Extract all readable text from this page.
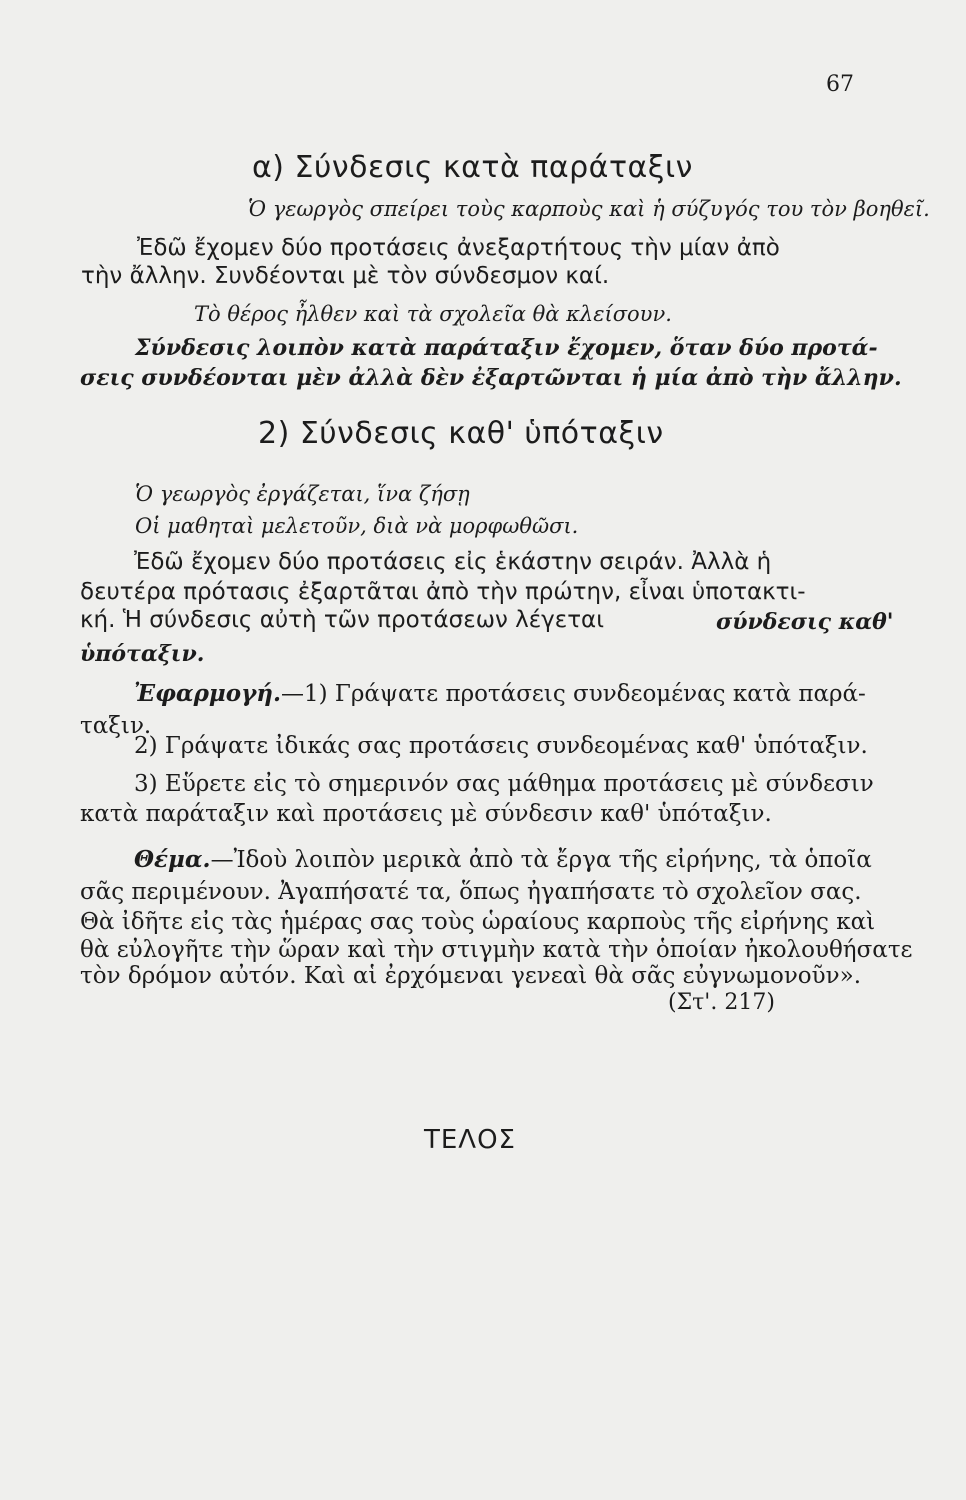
67
α) Σύνδεσις κατὰ παράταξιν
Ὁ γεωργὸς σπείρει τοὺς καρποὺς καὶ ἡ σύζυγός του τὸν βοηθεῖ.
Ἐδῶ ἔχομεν δύο προτάσεις ἀνεξαρτήτους τὴν μίαν ἀπὸ
τὴν ἄλλην. Συνδέονται μὲ τὸν σύνδεσμον καί.
Τὸ θέρος ἦλθεν καὶ τὰ σχολεῖα θὰ κλείσουν.
Σύνδεσις λοιπὸν κατὰ παράταξιν ἔχομεν, ὅταν δύο προτά-
σεις συνδέονται μὲν ἀλλὰ δὲν ἐξαρτῶνται ἡ μία ἀπὸ τὴν ἄλλην.
2) Σύνδεσις καθ' ὑπόταξιν
Ὁ γεωργὸς ἐργάζεται, ἵνα ζήσῃ
Οἱ μαθηταὶ μελετοῦν, διὰ νὰ μορφωθῶσι.
Ἐδῶ ἔχομεν δύο προτάσεις εἰς ἑκάστην σειράν. Ἀλλὰ ἡ
δευτέρα πρότασις ἐξαρτᾶται ἀπὸ τὴν πρώτην, εἶναι ὑποτακτι-
κή. Ἡ σύνδεσις αὐτὴ τῶν προτάσεων λέγεται	σύνδεσις καθ'
ὑπόταξιν.
Ἐφαρμογή.—1) Γράψατε προτάσεις συνδεομένας κατὰ παρά-
ταξιν.
2) Γράψατε ἰδικάς σας προτάσεις συνδεομένας καθ' ὑπόταξιν.
3) Εὕρετε εἰς τὸ σημερινόν σας μάθημα προτάσεις μὲ σύνδεσιν
κατὰ παράταξιν καὶ προτάσεις μὲ σύνδεσιν καθ' ὑπόταξιν.
Θέμα.—Ἰδοὺ λοιπὸν μερικὰ ἀπὸ τὰ ἔργα τῆς εἰρήνης, τὰ ὁποῖα
σᾶς περιμένουν. Ἀγαπήσατέ τα, ὅπως ἠγαπήσατε τὸ σχολεῖον σας.
Θὰ ἰδῆτε εἰς τὰς ἡμέρας σας τοὺς ὡραίους καρποὺς τῆς εἰρήνης καὶ
θὰ εὐλογῆτε τὴν ὥραν καὶ τὴν στιγμὴν κατὰ τὴν ὁποίαν ἠκολουθήσατε
τὸν δρόμον αὐτόν. Καὶ αἱ ἐρχόμεναι γενεαὶ θὰ σᾶς εὐγνωμονοῦν».
(Στ'. 217)
ΤΕΛΟΣ
